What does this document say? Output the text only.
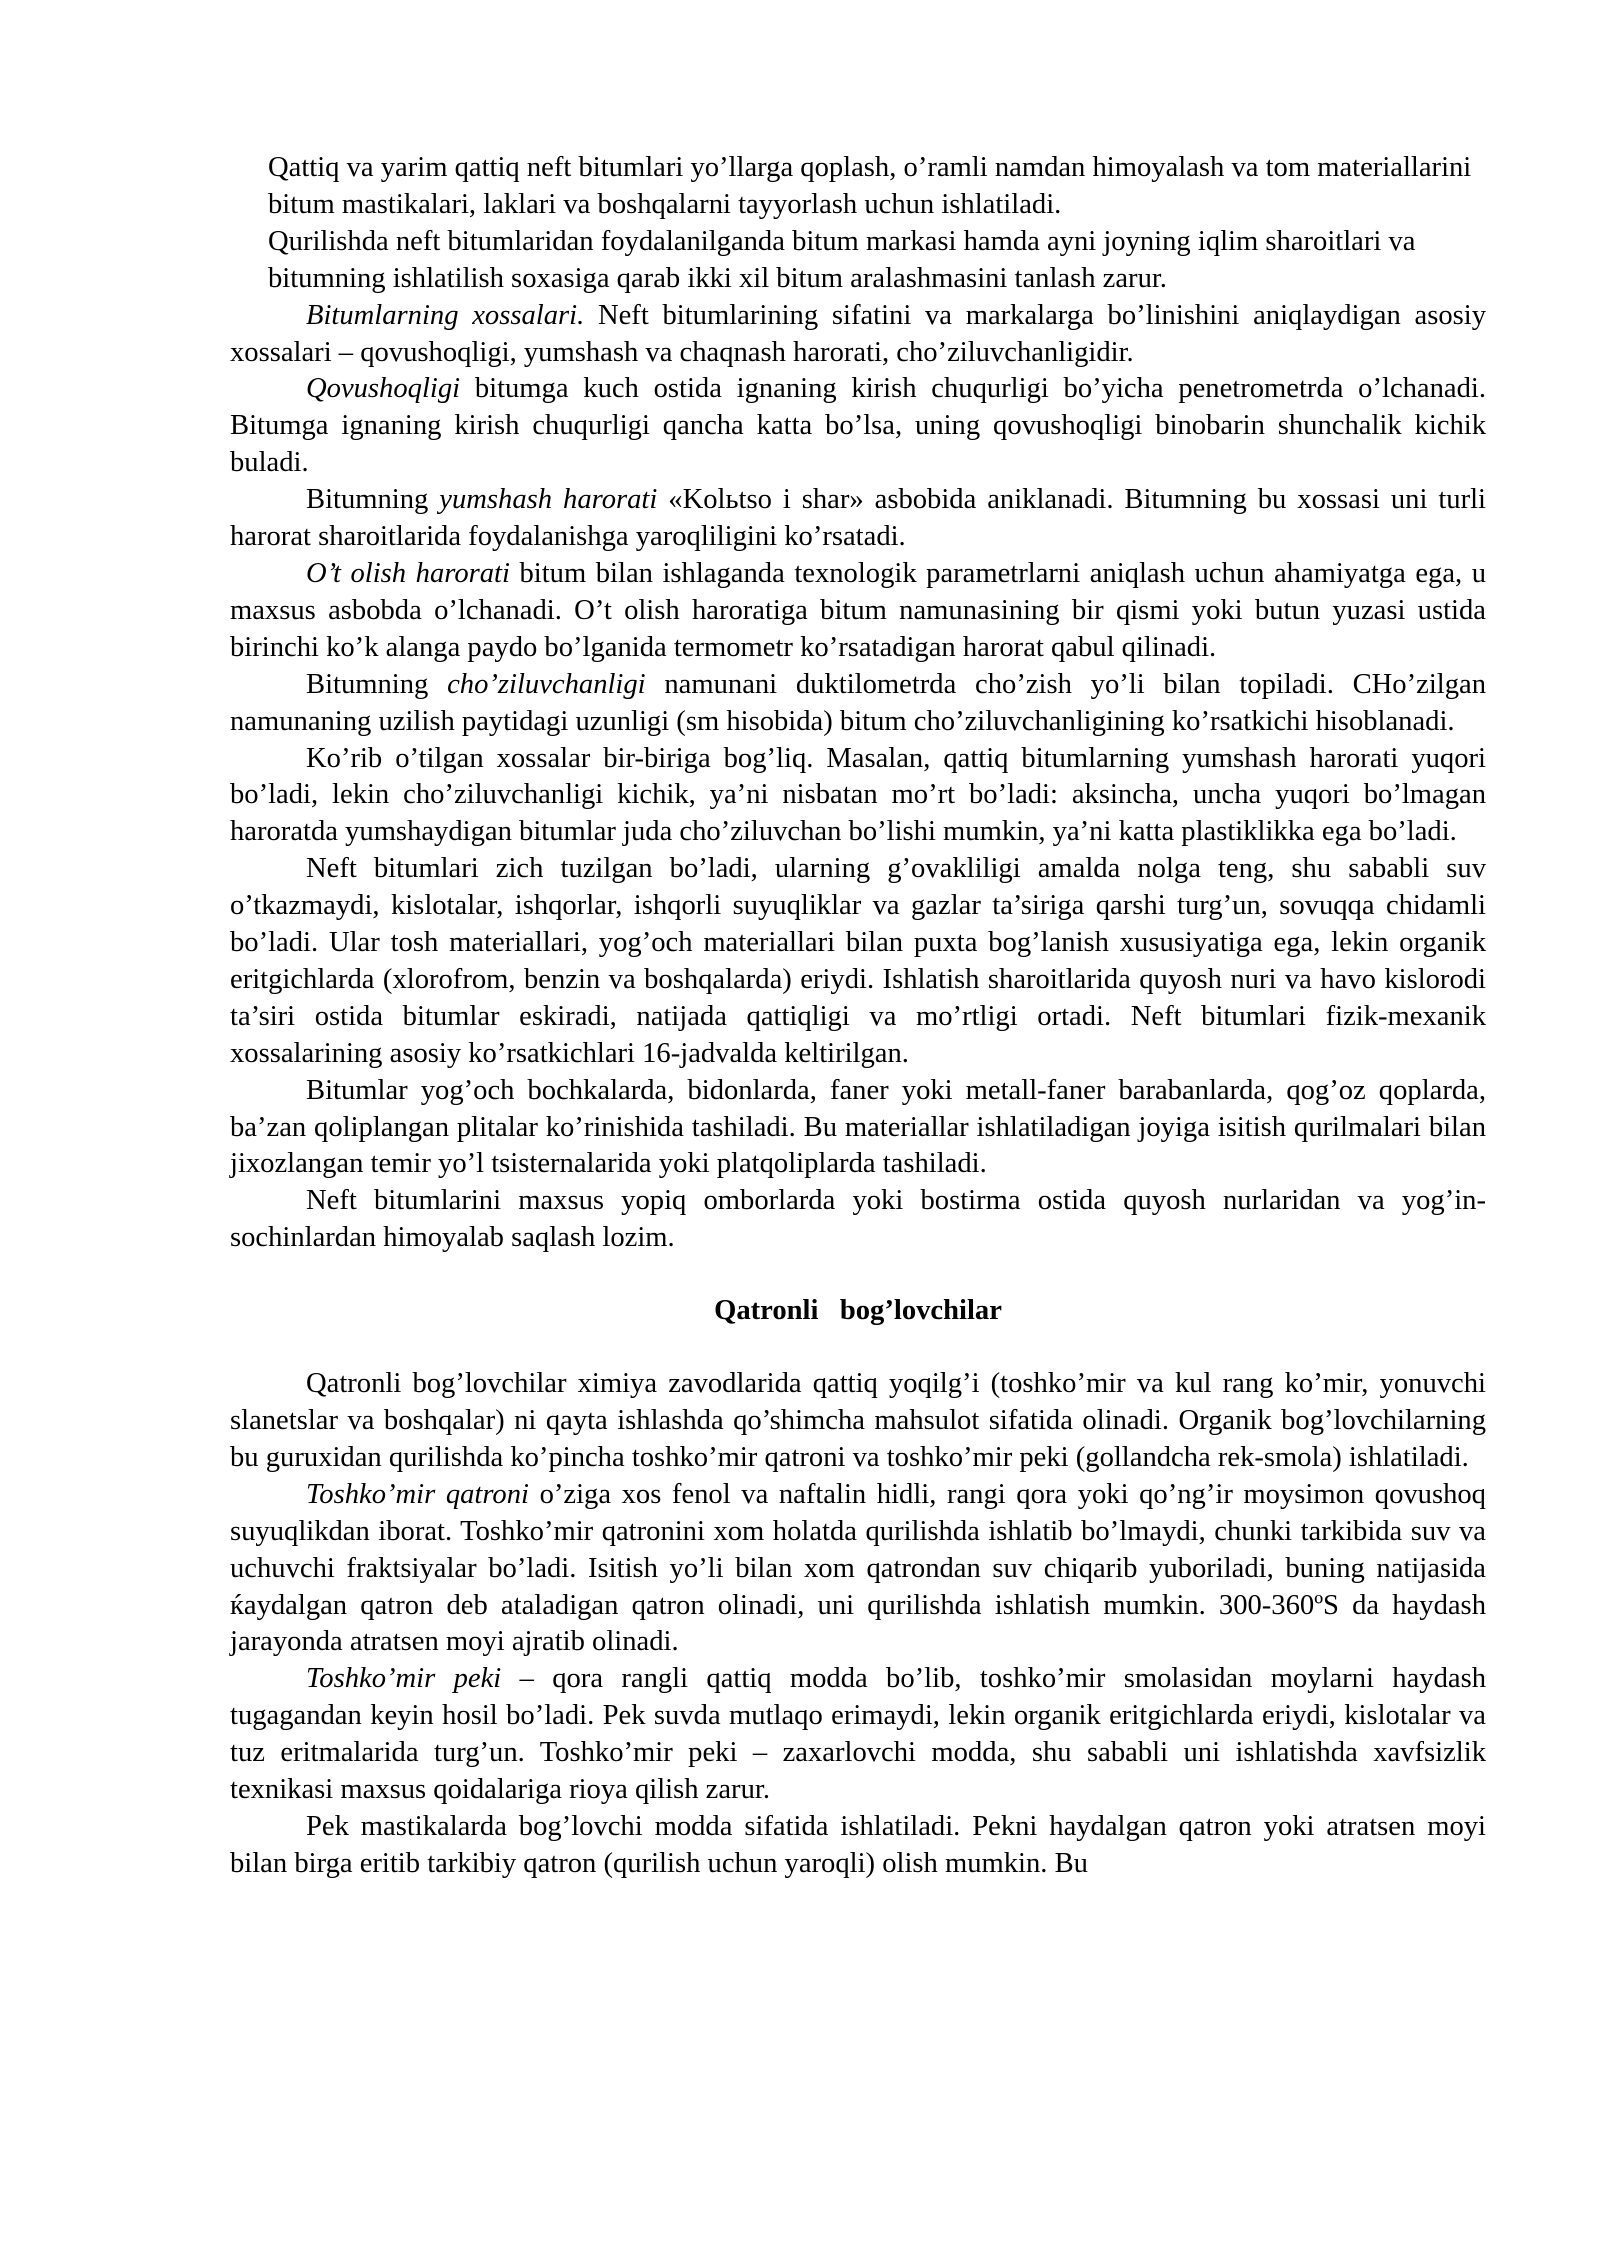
Qattiq va yarim qattiq neft bitumlari yo’llarga qoplash, o’ramli namdan himoyalash va tom materiallarini bitum mastikalari, laklari va boshqalarni tayyorlash uchun ishlatiladi.

Qurilishda neft bitumlaridan foydalanilganda bitum markasi hamda ayni joyning iqlim sharoitlari va bitumning ishlatilish soxasiga qarab ikki xil bitum aralashmasini tanlash zarur.

Bitumlarning xossalari. Neft bitumlarining sifatini va markalarga bo’linishini aniqlaydigan asosiy xossalari – qovushoqligi, yumshash va chaqnash harorati, cho’ziluvchanligidir.

Qovushoqligi bitumga kuch ostida ignaning kirish chuqurligi bo’yicha penetrometrda o’lchanadi. Bitumga ignaning kirish chuqurligi qancha katta bo’lsa, uning qovushoqligi binobarin shunchalik kichik buladi.

Bitumning yumshash harorati «Kolьtso i shar» asbobida aniklanadi. Bitumning bu xossasi uni turli harorat sharoitlarida foydalanishga yaroqliligini ko’rsatadi.

O’t olish harorati bitum bilan ishlaganda texnologik parametrlarni aniqlash uchun ahamiyatga ega, u maxsus asbobda o’lchanadi. O’t olish haroratiga bitum namunasining bir qismi yoki butun yuzasi ustida birinchi ko’k alanga paydo bo’lganida termometr ko’rsatadigan harorat qabul qilinadi.

Bitumning cho’ziluvchanligi namunani duktilometrda cho’zish yo’li bilan topiladi. CHo’zilgan namunaning uzilish paytidagi uzunligi (sm hisobida) bitum cho’ziluvchanligining ko’rsatkichi hisoblanadi.

Ko’rib o’tilgan xossalar bir-biriga bog’liq. Masalan, qattiq bitumlarning yumshash harorati yuqori bo’ladi, lekin cho’ziluvchanligi kichik, ya’ni nisbatan mo’rt bo’ladi: aksincha, uncha yuqori bo’lmagan haroratda yumshaydigan bitumlar juda cho’ziluvchan bo’lishi mumkin, ya’ni katta plastiklikka ega bo’ladi.

Neft bitumlari zich tuzilgan bo’ladi, ularning g’ovakliligi amalda nolga teng, shu sababli suv o’tkazmaydi, kislotalar, ishqorlar, ishqorli suyuqliklar va gazlar ta’siriga qarshi turg’un, sovuqqa chidamli bo’ladi. Ular tosh materiallari, yog’och materiallari bilan puxta bog’lanish xususiyatiga ega, lekin organik eritgichlarda (xlorofrom, benzin va boshqalarda) eriydi. Ishlatish sharoitlarida quyosh nuri va havo kislorodi ta’siri ostida bitumlar eskiradi, natijada qattiqligi va mo’rtligi ortadi. Neft bitumlari fizik-mexanik xossalarining asosiy ko’rsatkichlari 16-jadvalda keltirilgan.

Bitumlar yog’och bochkalarda, bidonlarda, faner yoki metall-faner barabanlarda, qog’oz qoplarda, ba’zan qoliplangan plitalar ko’rinishida tashiladi. Bu materiallar ishlatiladigan joyiga isitish qurilmalari bilan jixozlangan temir yo’l tsisternalarida yoki platqoliplarda tashiladi.

Neft bitumlarini maxsus yopiq omborlarda yoki bostirma ostida quyosh nurlaridan va yog’in-sochinlardan himoyalab saqlash lozim.

Qatronli   bog’lovchilar

Qatronli bog’lovchilar ximiya zavodlarida qattiq yoqilg’i (toshko’mir va kul rang ko’mir, yonuvchi slanetslar va boshqalar) ni qayta ishlashda qo’shimcha mahsulot sifatida olinadi. Organik bog’lovchilarning bu guruxidan qurilishda ko’pincha toshko’mir qatroni va toshko’mir peki (gollandcha rek-smola) ishlatiladi.

Toshko’mir qatroni o’ziga xos fenol va naftalin hidli, rangi qora yoki qo’ng’ir moysimon qovushoq suyuqlikdan iborat. Toshko’mir qatronini xom holatda qurilishda ishlatib bo’lmaydi, chunki tarkibida suv va uchuvchi fraktsiyalar bo’ladi. Isitish yo’li bilan xom qatrondan suv chiqarib yuboriladi, buning natijasida ќaydalgan qatron deb ataladigan qatron olinadi, uni qurilishda ishlatish mumkin. 300-360ºS da haydash jarayonda atratsen moyi ajratib olinadi.

Toshko’mir peki – qora rangli qattiq modda bo’lib, toshko’mir smolasidan moylarni haydash tugagandan keyin hosil bo’ladi. Pek suvda mutlaqo erimaydi, lekin organik eritgichlarda eriydi, kislotalar va tuz eritmalarida turg’un. Toshko’mir peki – zaxarlovchi modda, shu sababli uni ishlatishda xavfsizlik texnikasi maxsus qoidalariga rioya qilish zarur.

Pek mastikalarda bog’lovchi modda sifatida ishlatiladi. Pekni haydalgan qatron yoki atratsen moyi bilan birga eritib tarkibiy qatron (qurilish uchun yaroqli) olish mumkin. Bu
